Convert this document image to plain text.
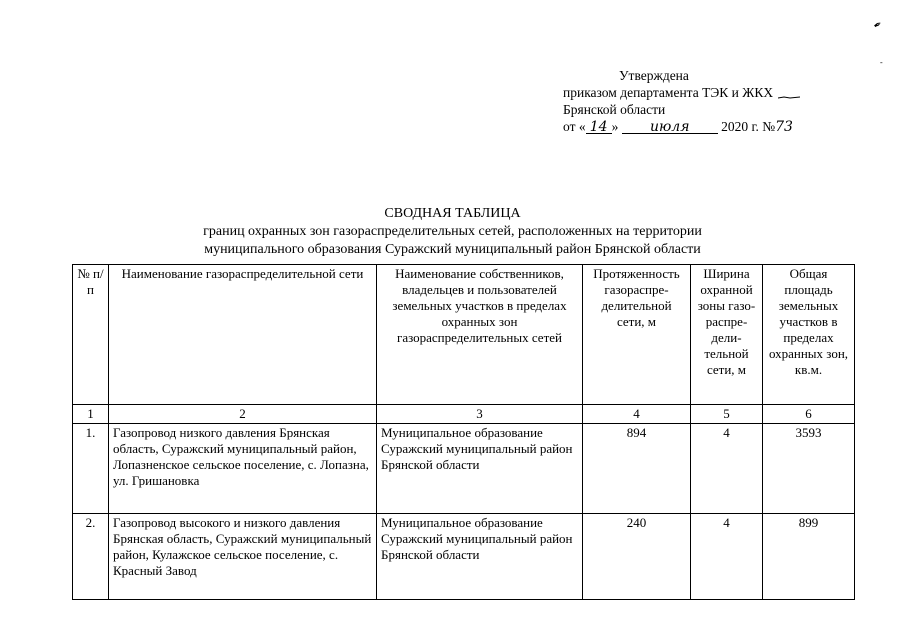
✒
-
Утверждена
приказом департамента ТЭК и ЖКХ
Брянской области
от « 14 » июля 2020 г. №73
СВОДНАЯ ТАБЛИЦА
границ охранных зон газораспределительных сетей, расположенных на территории
муниципального образования Суражский муниципальный район Брянской области
№ п/п	Наименование газораспределительной сети	Наименование собственников, владельцев и пользователей земельных участков в пределах охранных зон газораспределительных сетей	Протяженность газораспре-делительной сети, м	Ширина охранной зоны газо-распре-дели-тельной сети, м	Общая площадь земельных участков в пределах охранных зон, кв.м.
1	2	3	4	5	6
1.	Газопровод низкого давления Брянская область, Суражский муниципальный район, Лопазненское сельское поселение, с. Лопазна, ул. Гришановка	Муниципальное образование Суражский муниципальный район Брянской области	894	4	3593
2.	Газопровод высокого и низкого давления Брянская область, Суражский муниципальный район, Кулажское сельское поселение, с. Красный Завод	Муниципальное образование Суражский муниципальный район Брянской области	240	4	899
